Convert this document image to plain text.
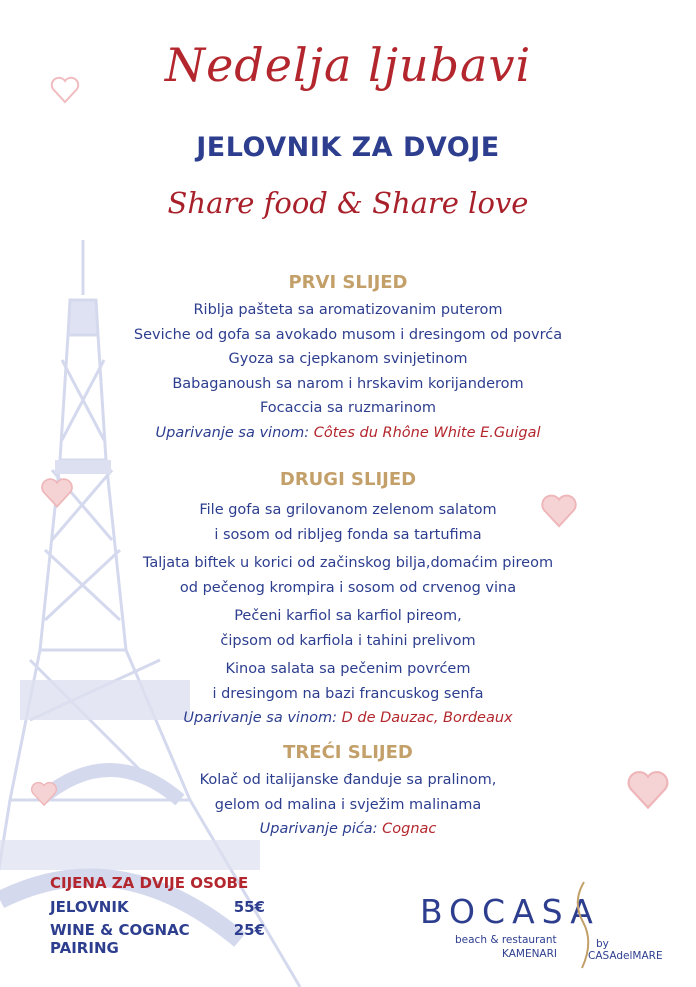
Nedelja ljubavi
JELOVNIK ZA DVOJE
Share food & Share love

PRVI SLIJED

Riblja pašteta sa aromatizovanim puterom

Seviche od gofa sa avokado musom i dresingom od povrća

Gyoza sa cjepkanom svinjetinom

Babaganoush sa narom i hrskavim korijanderom

Focaccia sa ruzmarinom

Uparivanje sa vinom: Côtes du Rhône White E.Guigal

DRUGI SLIJED

File gofa sa grilovanom zelenom salatom

i sosom od ribljeg fonda sa tartufima

Taljata biftek u korici od začinskog bilja,domaćim pireom

od pečenog krompira i sosom od crvenog vina

Pečeni karfiol sa karfiol pireom,

čipsom od karfiola i tahini prelivom

Kinoa salata sa pečenim povrćem

i dresingom na bazi francuskog senfa

Uparivanje sa vinom: D de Dauzac, Bordeaux

TREĆI SLIJED

Kolač od italijanske đanduje sa pralinom,

gelom od malina i svježim malinama

Uparivanje pića: Cognac

CIJENA ZA DVIJE OSOBE
JELOVNIK	55€
WINE & COGNAC
PAIRING
25€	BOCASA
beach & restaurant
KAMENARI
by
CASAdelMARE
